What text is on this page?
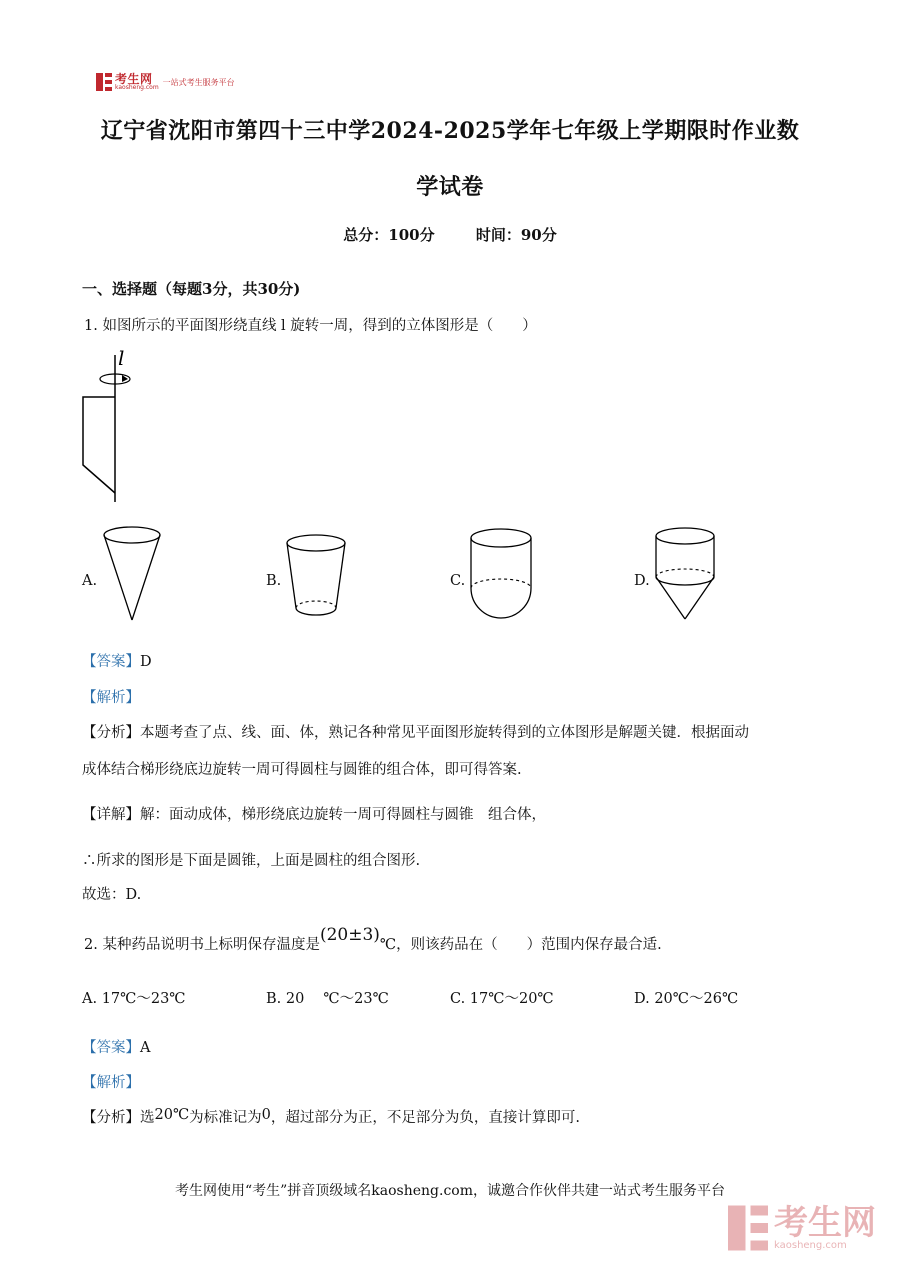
考生网
kaosheng.com
一站式考生服务平台
辽宁省沈阳市第四十三中学2024-2025学年七年级上学期限时作业数
学试卷
总分：100分	时间：90分
一、选择题（每题3分，共30分)
1. 如图所示的平面图形绕直线 l 旋转一周，得到的立体图形是（　　）
l
A.	B.	C.	D.
【答案】D
【解析】
【分析】本题考查了点、线、面、体，熟记各种常见平面图形旋转得到的立体图形是解题关键．根据面动
成体结合梯形绕底边旋转一周可得圆柱与圆锥的组合体，即可得答案.
【详解】解：面动成体，梯形绕底边旋转一周可得圆柱与圆锥　组合体，
∴所求的图形是下面是圆锥，上面是圆柱的组合图形.
故选：D.
2. 某种药品说明书上标明保存温度是(20±3)℃，则该药品在（　　）范围内保存最合适.
A. 17℃～23℃	B. 20　 ℃～23℃	C. 17℃～20℃	D. 20℃～26℃
【答案】A
【解析】
【分析】选20℃为标准记为0，超过部分为正，不足部分为负，直接计算即可.
考生网使用“考生”拼音顶级域名kaosheng.com，诚邀合作伙伴共建一站式考生服务平台
考生网
kaosheng.com
